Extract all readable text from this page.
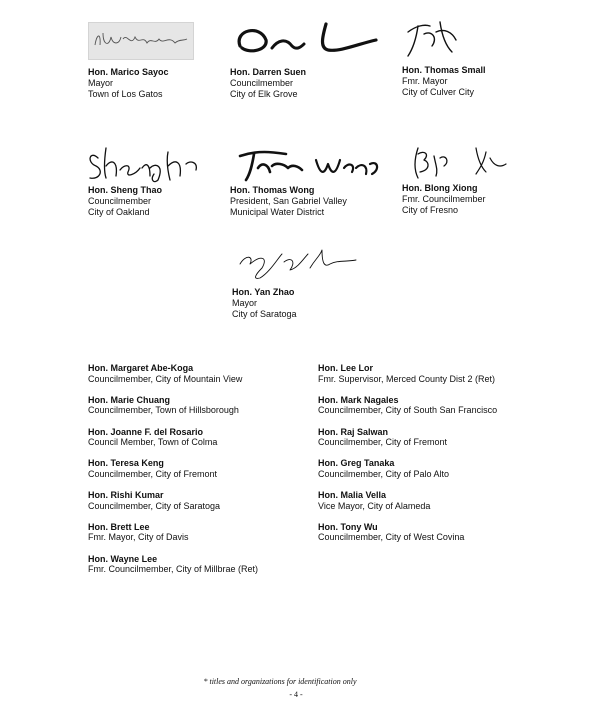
Hon. Marico Sayoc
Mayor
Town of Los Gatos
Hon. Darren Suen
Councilmember
City of Elk Grove
Hon. Thomas Small
Fmr. Mayor
City of Culver City
Hon. Sheng Thao
Councilmember
City of Oakland
Hon. Thomas Wong
President, San Gabriel Valley
Municipal Water District
Hon. Blong Xiong
Fmr. Councilmember
City of Fresno
Hon. Yan Zhao
Mayor
City of Saratoga
Hon. Margaret Abe-Koga
Councilmember, City of Mountain View
Hon. Marie Chuang
Councilmember, Town of Hillsborough
Hon. Joanne F. del Rosario
Council Member, Town of Colma
Hon. Teresa Keng
Councilmember, City of Fremont
Hon. Rishi Kumar
Councilmember, City of Saratoga
Hon. Brett Lee
Fmr. Mayor, City of Davis
Hon. Wayne Lee
Fmr. Councilmember, City of Millbrae (Ret)
Hon. Lee Lor
Fmr. Supervisor, Merced County Dist 2 (Ret)
Hon. Mark Nagales
Councilmember, City of South San Francisco
Hon. Raj Salwan
Councilmember, City of Fremont
Hon. Greg Tanaka
Councilmember, City of Palo Alto
Hon. Malia Vella
Vice Mayor, City of Alameda
Hon. Tony Wu
Councilmember, City of West Covina
* titles and organizations for identification only
- 4 -
